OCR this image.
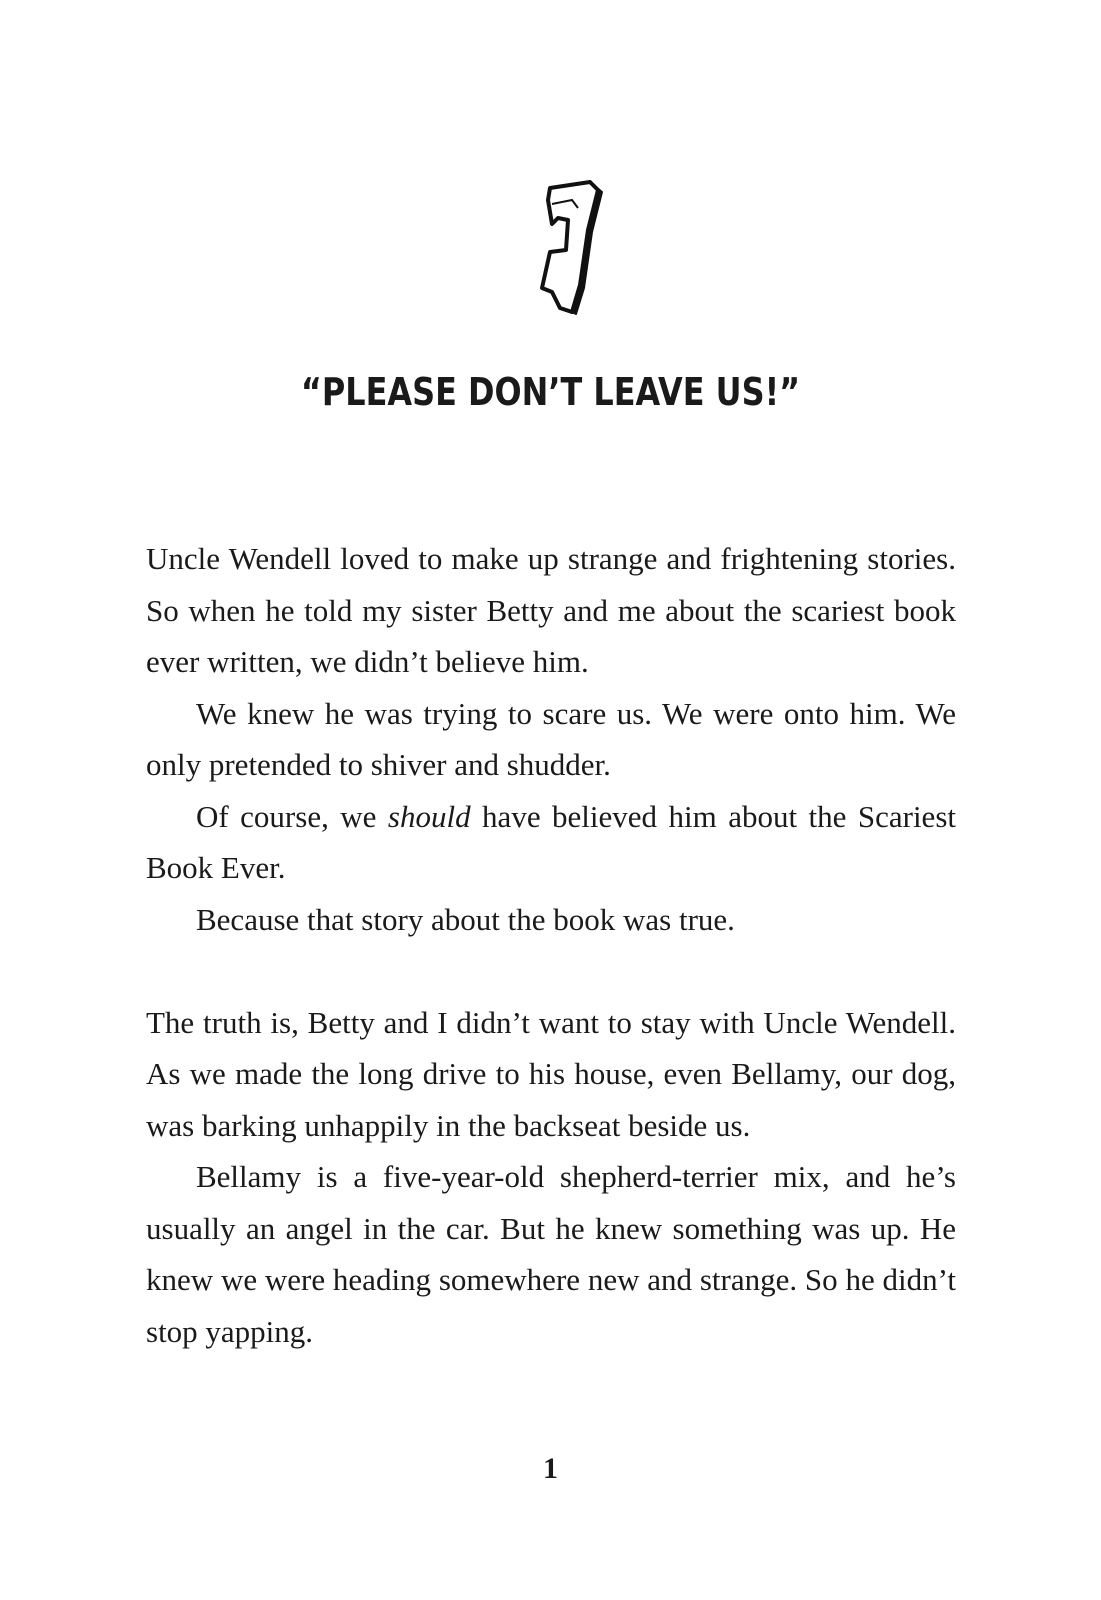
“PLEASE DON’T LEAVE US!”

Uncle Wendell loved to make up strange and frightening stories. So when he told my sister Betty and me about the scariest book ever written, we didn’t believe him.

We knew he was trying to scare us. We were onto him. We only pretended to shiver and shudder.

Of course, we should have believed him about the Scariest Book Ever.

Because that story about the book was true.

The truth is, Betty and I didn’t want to stay with Uncle Wendell. As we made the long drive to his house, even Bellamy, our dog, was barking unhappily in the backseat beside us.

Bellamy is a five-year-old shepherd-terrier mix, and he’s usually an angel in the car. But he knew something was up. He knew we were heading somewhere new and strange. So he didn’t stop yapping.

1
